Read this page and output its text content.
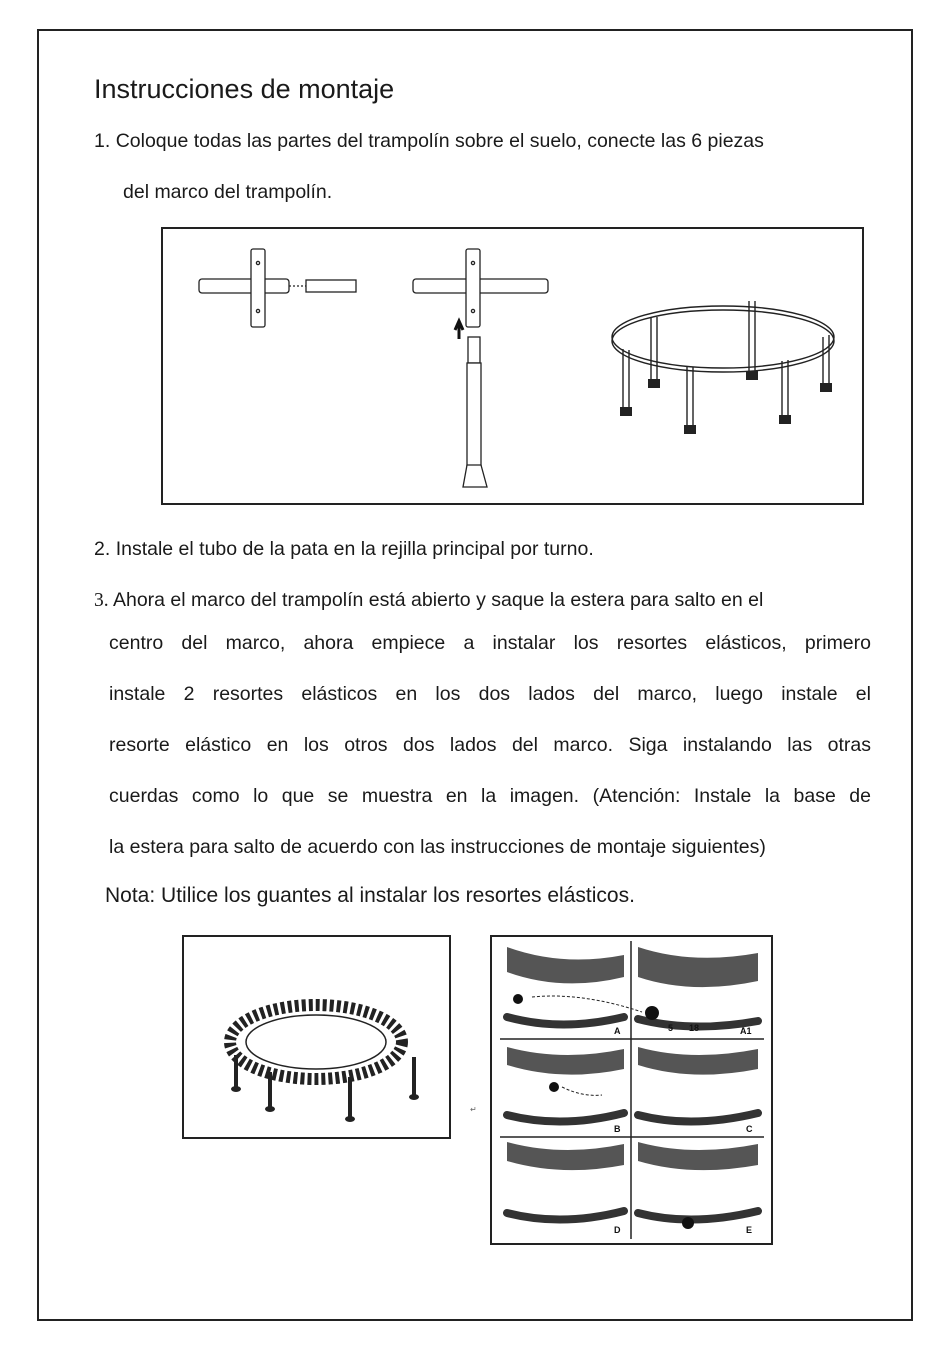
Instrucciones de montaje

1. Coloque todas las partes del trampolín sobre el suelo, conecte las 6 piezas

del marco del trampolín.

2. Instale el tubo de la pata en la rejilla principal por turno.

3. Ahora el marco del trampolín está abierto y saque la estera para salto en el

centro del marco, ahora empiece a instalar los resortes elásticos, primero

instale 2 resortes elásticos en los dos lados del marco, luego instale el

resorte elástico en los otros dos lados del marco. Siga instalando las otras

cuerdas como lo que se muestra en la imagen. (Atención: Instale la base de

la estera para salto de acuerdo con las instrucciones de montaje siguientes)

Nota: Utilice los guantes al instalar los resortes elásticos.

↵
A	A1
B	C
D	E
5 18
